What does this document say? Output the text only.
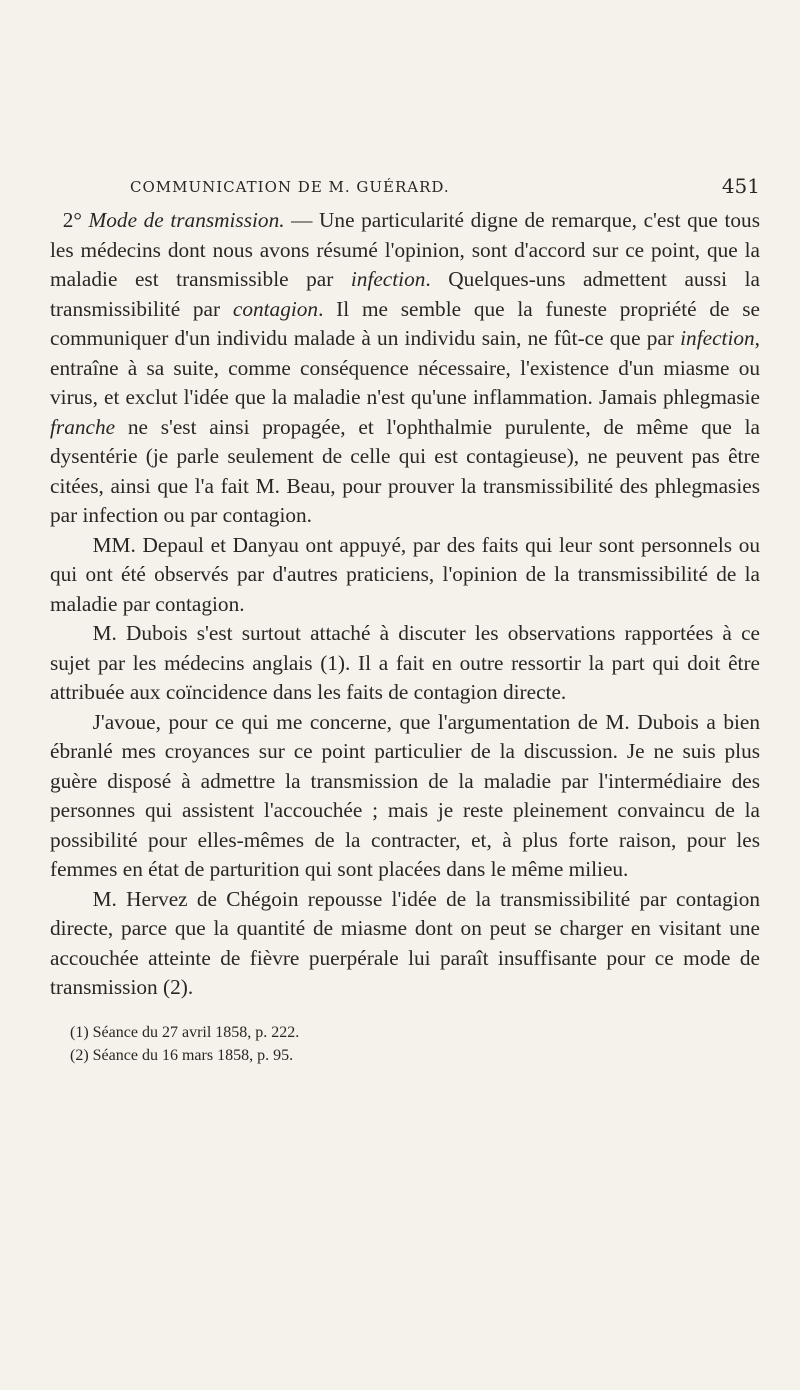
COMMUNICATION DE M. GUÉRARD.	451

2° Mode de transmission. — Une particularité digne de remarque, c'est que tous les médecins dont nous avons résumé l'opinion, sont d'accord sur ce point, que la maladie est transmissible par infection. Quelques-uns admettent aussi la transmissibilité par contagion. Il me semble que la funeste propriété de se communiquer d'un individu malade à un individu sain, ne fût-ce que par infection, entraîne à sa suite, comme conséquence nécessaire, l'existence d'un miasme ou virus, et exclut l'idée que la maladie n'est qu'une inflammation. Jamais phlegmasie franche ne s'est ainsi propagée, et l'ophthalmie purulente, de même que la dysentérie (je parle seulement de celle qui est contagieuse), ne peuvent pas être citées, ainsi que l'a fait M. Beau, pour prouver la transmissibilité des phlegmasies par infection ou par contagion.

MM. Depaul et Danyau ont appuyé, par des faits qui leur sont personnels ou qui ont été observés par d'autres praticiens, l'opinion de la transmissibilité de la maladie par contagion.

M. Dubois s'est surtout attaché à discuter les observations rapportées à ce sujet par les médecins anglais (1). Il a fait en outre ressortir la part qui doit être attribuée aux coïncidence dans les faits de contagion directe.

J'avoue, pour ce qui me concerne, que l'argumentation de M. Dubois a bien ébranlé mes croyances sur ce point particulier de la discussion. Je ne suis plus guère disposé à admettre la transmission de la maladie par l'intermédiaire des personnes qui assistent l'accouchée ; mais je reste pleinement convaincu de la possibilité pour elles-mêmes de la contracter, et, à plus forte raison, pour les femmes en état de parturition qui sont placées dans le même milieu.

M. Hervez de Chégoin repousse l'idée de la transmissibilité par contagion directe, parce que la quantité de miasme dont on peut se charger en visitant une accouchée atteinte de fièvre puerpérale lui paraît insuffisante pour ce mode de transmission (2).

(1) Séance du 27 avril 1858, p. 222.
(2) Séance du 16 mars 1858, p. 95.
